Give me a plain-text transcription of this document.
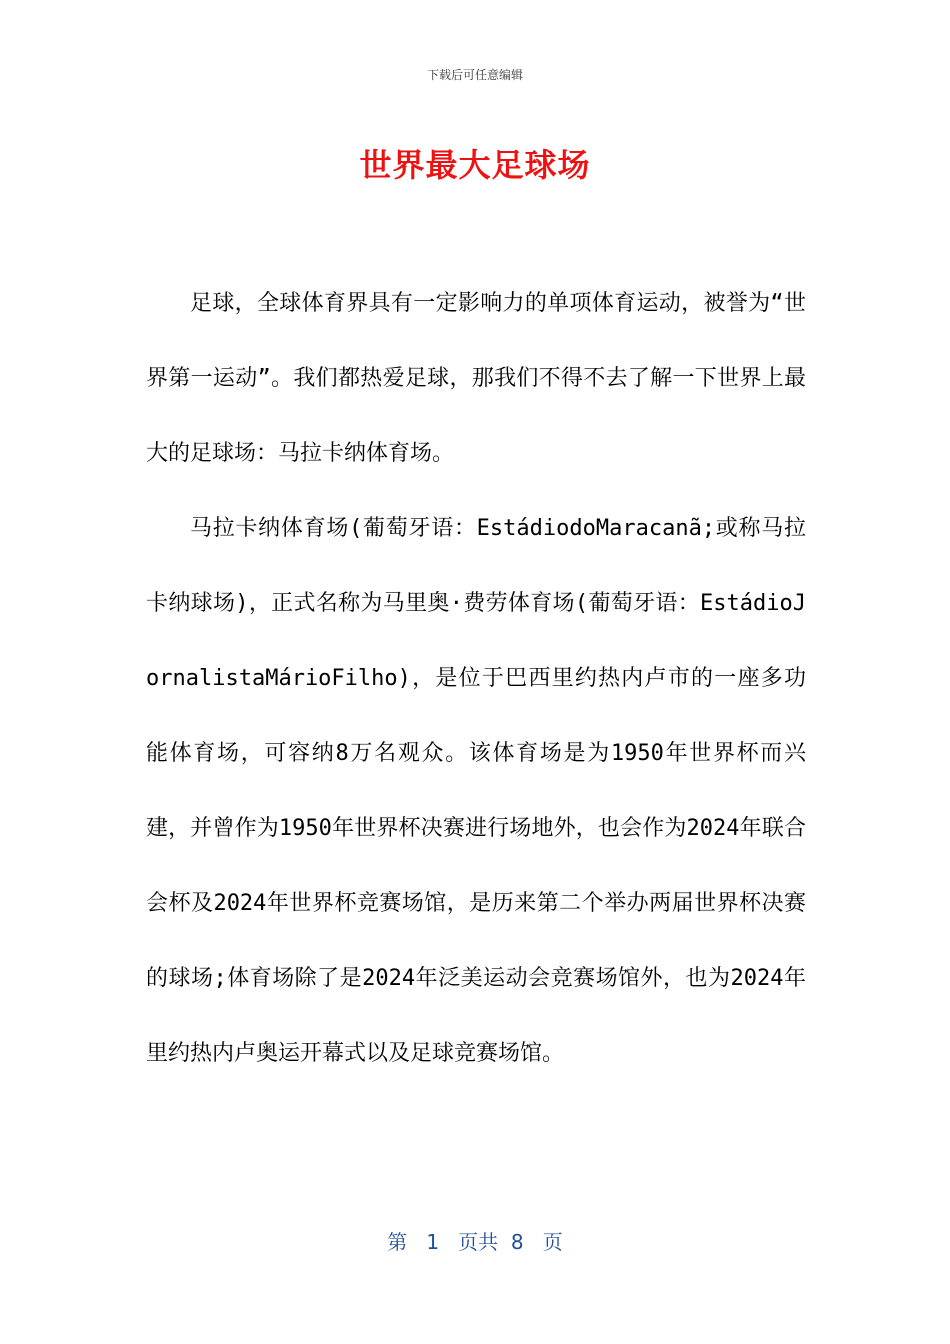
下载后可任意编辑
世界最大足球场

足球，全球体育界具有一定影响力的单项体育运动，被誉为“世界第一运动”。我们都热爱足球，那我们不得不去了解一下世界上最大的足球场：马拉卡纳体育场。

马拉卡纳体育场(葡萄牙语：EstádiodoMaracanã;或称马拉卡纳球场)，正式名称为马里奥·费劳体育场(葡萄牙语：EstádioJornalistaMárioFilho)，是位于巴西里约热内卢市的一座多功能体育场，可容纳8万名观众。该体育场是为1950年世界杯而兴建，并曾作为1950年世界杯决赛进行场地外，也会作为2024年联合会杯及2024年世界杯竞赛场馆，是历来第二个举办两届世界杯决赛的球场;体育场除了是2024年泛美运动会竞赛场馆外，也为2024年里约热内卢奥运开幕式以及足球竞赛场馆。

第 1 页共 8 页
